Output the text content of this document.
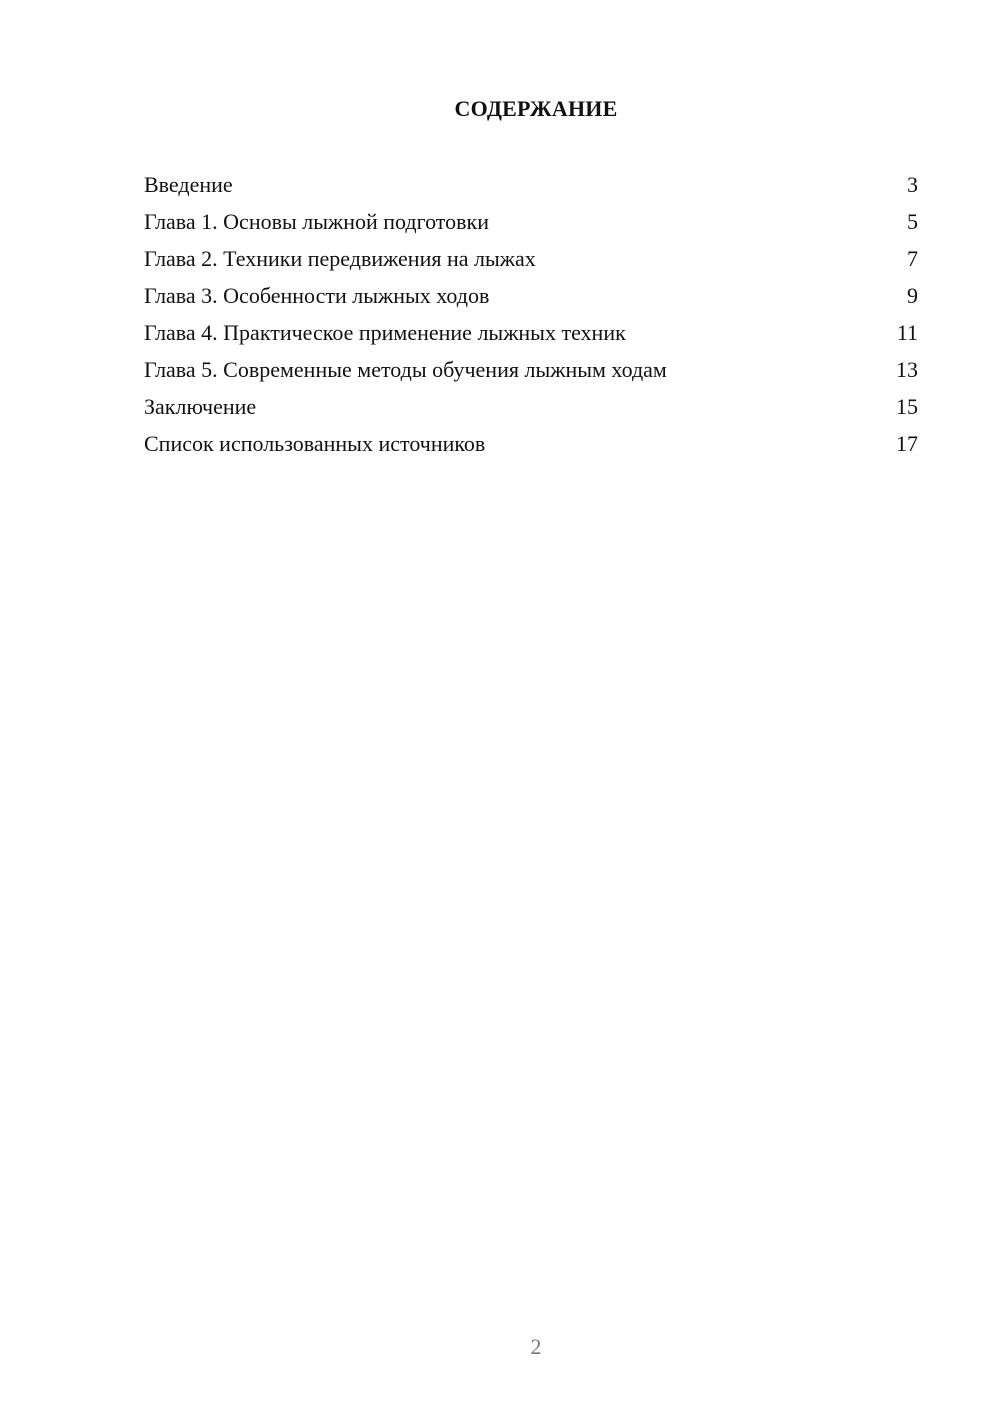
СОДЕРЖАНИЕ
Введение	3
Глава 1. Основы лыжной подготовки	5
Глава 2. Техники передвижения на лыжах	7
Глава 3. Особенности лыжных ходов	9
Глава 4. Практическое применение лыжных техник	11
Глава 5. Современные методы обучения лыжным ходам	13
Заключение	15
Список использованных источников	17
2
